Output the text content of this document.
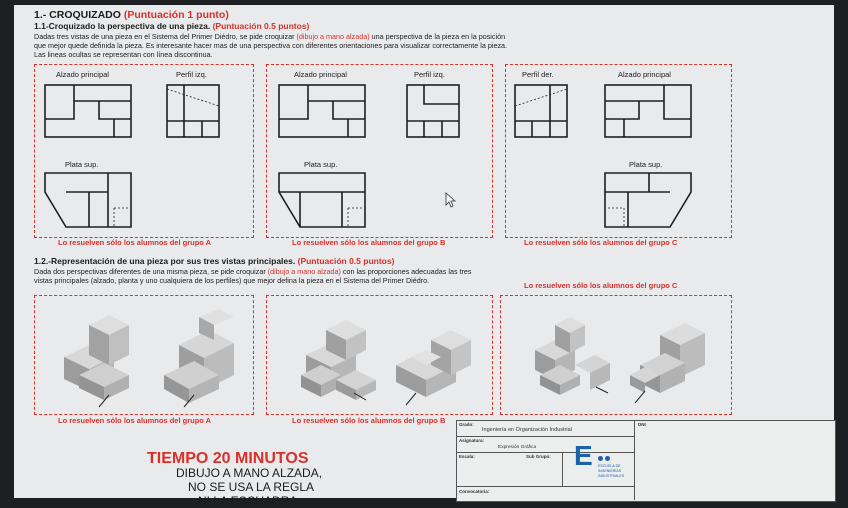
1.- CROQUIZADO (Puntuación 1 punto)
1.1-Croquizado la perspectiva de una pieza. (Puntuación 0.5 puntos)
Dadas tres vistas de una pieza en el Sistema del Primer Diédro, se pide croquizar (dibujo a mano alzada) una perspectiva de la pieza en la posición
que mejor quede definida la pieza. Es interesante hacer mas de una perspectiva con diferentes orientaciones para visualizar correctamente la pieza.
Las lineas ocultas se representan con línea discontinua.
Alzado principal	Perfil izq.
Plata sup.
Lo resuelven sólo los alumnos del grupo A
Alzado principal	Perfil izq.
Plata sup.
Lo resuelven sólo los alumnos del grupo B
Perfil der.	Alzado principal
Plata sup.
Lo resuelven sólo los alumnos del grupo C
1.2.-Representación de una pieza por sus tres vistas principales. (Puntuación 0.5 puntos)
Dada dos perspectivas diferentes de una misma pieza, se pide croquizar (dibujo a mano alzada) con las proporciones adecuadas las tres
vistas principales (alzado, planta y uno cualquiera de los perfiles) que mejor defina la pieza en el Sistema del Primer Diédro.
Lo resuelven sólo los alumnos del grupo C
Lo resuelven sólo los alumnos del grupo A	Lo resuelven sólo los alumnos del grupo B
TIEMPO 20 MINUTOS
DIBUJO A MANO ALZADA,
NO SE USA LA REGLA
NI LA ESCUADRA
Grado:
Ingeniería en Organización Industrial
DNI
Asignatura:
Expresión Gráfica
Escala:	Sub Grupo:
Convocatoria:
E ESCUELA DE
INGENIERÍAS
INDUSTRIALES
